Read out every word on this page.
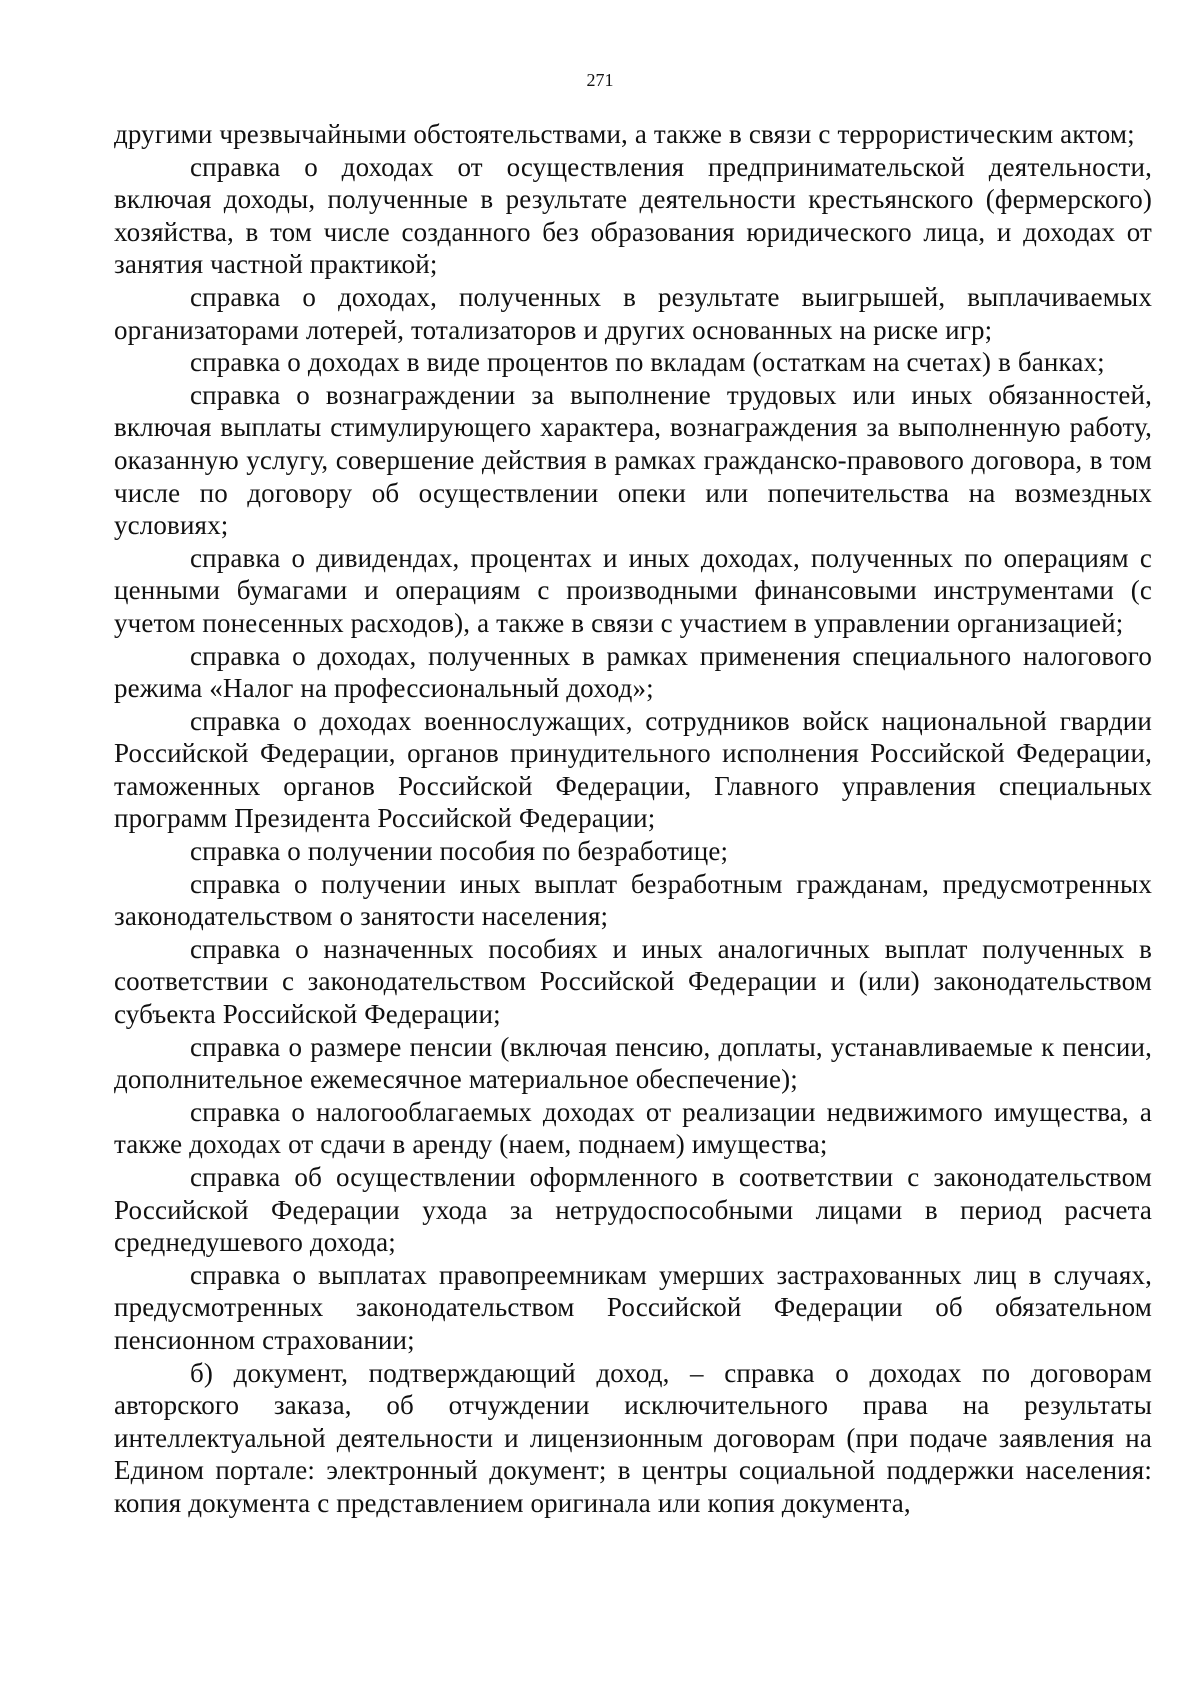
271

другими чрезвычайными обстоятельствами, а также в связи с террористическим актом;

справка о доходах от осуществления предпринимательской деятельности, включая доходы, полученные в результате деятельности крестьянского (фермерского) хозяйства, в том числе созданного без образования юридического лица, и доходах от занятия частной практикой;

справка о доходах, полученных в результате выигрышей, выплачиваемых организаторами лотерей, тотализаторов и других основанных на риске игр;

справка о доходах в виде процентов по вкладам (остаткам на счетах) в банках;

справка о вознаграждении за выполнение трудовых или иных обязанностей, включая выплаты стимулирующего характера, вознаграждения за выполненную работу, оказанную услугу, совершение действия в рамках гражданско-правового договора, в том числе по договору об осуществлении опеки или попечительства на возмездных условиях;

справка о дивидендах, процентах и иных доходах, полученных по операциям с ценными бумагами и операциям с производными финансовыми инструментами (с учетом понесенных расходов), а также в связи с участием в управлении организацией;

справка о доходах, полученных в рамках применения специального налогового режима «Налог на профессиональный доход»;

справка о доходах военнослужащих, сотрудников войск национальной гвардии Российской Федерации, органов принудительного исполнения Российской Федерации, таможенных органов Российской Федерации, Главного управления специальных программ Президента Российской Федерации;

справка о получении пособия по безработице;

справка о получении иных выплат безработным гражданам, предусмотренных законодательством о занятости населения;

справка о назначенных пособиях и иных аналогичных выплат полученных в соответствии с законодательством Российской Федерации и (или) законодательством субъекта Российской Федерации;

справка о размере пенсии (включая пенсию, доплаты, устанавливаемые к пенсии, дополнительное ежемесячное материальное обеспечение);

справка о налогооблагаемых доходах от реализации недвижимого имущества, а также доходах от сдачи в аренду (наем, поднаем) имущества;

справка об осуществлении оформленного в соответствии с законодательством Российской Федерации ухода за нетрудоспособными лицами в период расчета среднедушевого дохода;

справка о выплатах правопреемникам умерших застрахованных лиц в случаях, предусмотренных законодательством Российской Федерации об обязательном пенсионном страховании;

б) документ, подтверждающий доход, – справка о доходах по договорам авторского заказа, об отчуждении исключительного права на результаты интеллектуальной деятельности и лицензионным договорам (при подаче заявления на Едином портале: электронный документ; в центры социальной поддержки населения: копия документа с представлением оригинала или копия документа,
